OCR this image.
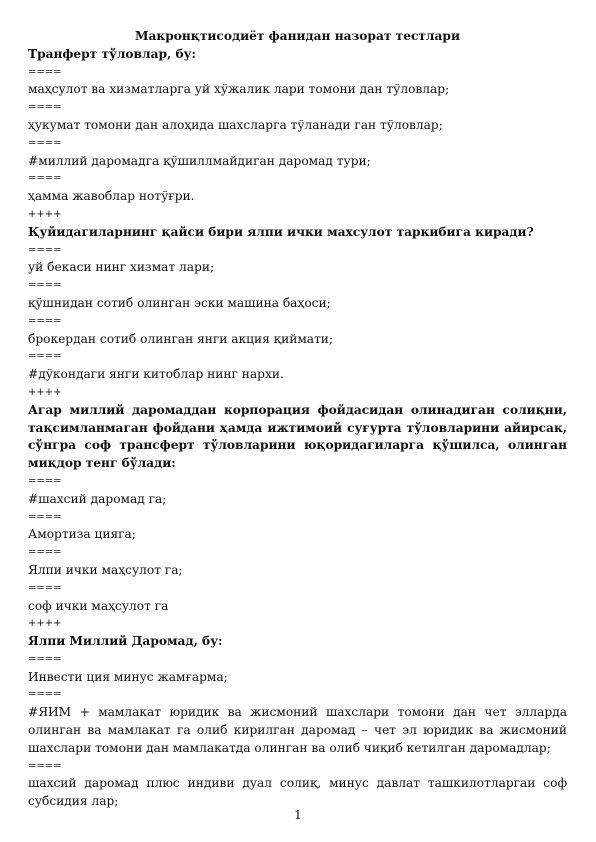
Макронқтисодиёт фанидан назорат тестлари

Транферт тўловлар, бу:

====

маҳсулот ва хизматларга уй хўжалик лари томони дан тўловлар;

====

ҳукумат томони дан алоҳида шахсларга тўланади ган тўловлар;

====

#миллий даромадга қўшиллмайдиган даромад тури;

====

ҳамма жавоблар нотўғри.

++++

Қуйидагиларнинг қайси бири ялпи ички махсулот таркибига киради?

====

уй бекаси нинг хизмат лари;

====

қўшнидан сотиб олинган эски машина баҳоси;

====

брокердан сотиб олинган янги акция қиймати;

====

#дўкондаги янги китоблар нинг нархи.

++++

Агар миллий даромаддан корпорация фойдасидан олинадиган солиқни, тақсимланмаган фойдани ҳамда ижтимоий суғурта тўловларини айирсак, сўнгра соф трансферт тўловларини юқоридагиларга қўшилса, олинган миқдор тенг бўлади:

====

#шахсий даромад га;

====

Амортиза цияга;

====

Ялпи ички маҳсулот га;

====

соф ички маҳсулот га

++++

Ялпи Миллий Даромад, бу:

====

Инвести ция минус жамғарма;

====

#ЯИМ + мамлакат юридик ва жисмоний шахслари томони дан чет элларда олинган ва мамлакат га олиб кирилган даромад – чет эл юридик ва жисмоний шахслари томони дан мамлакатда олинган ва олиб чиқиб кетилган даромадлар;

====

шахсий даромад плюс индиви дуал солиқ, минус давлат ташкилотларгаи соф субсидия лар;

1
